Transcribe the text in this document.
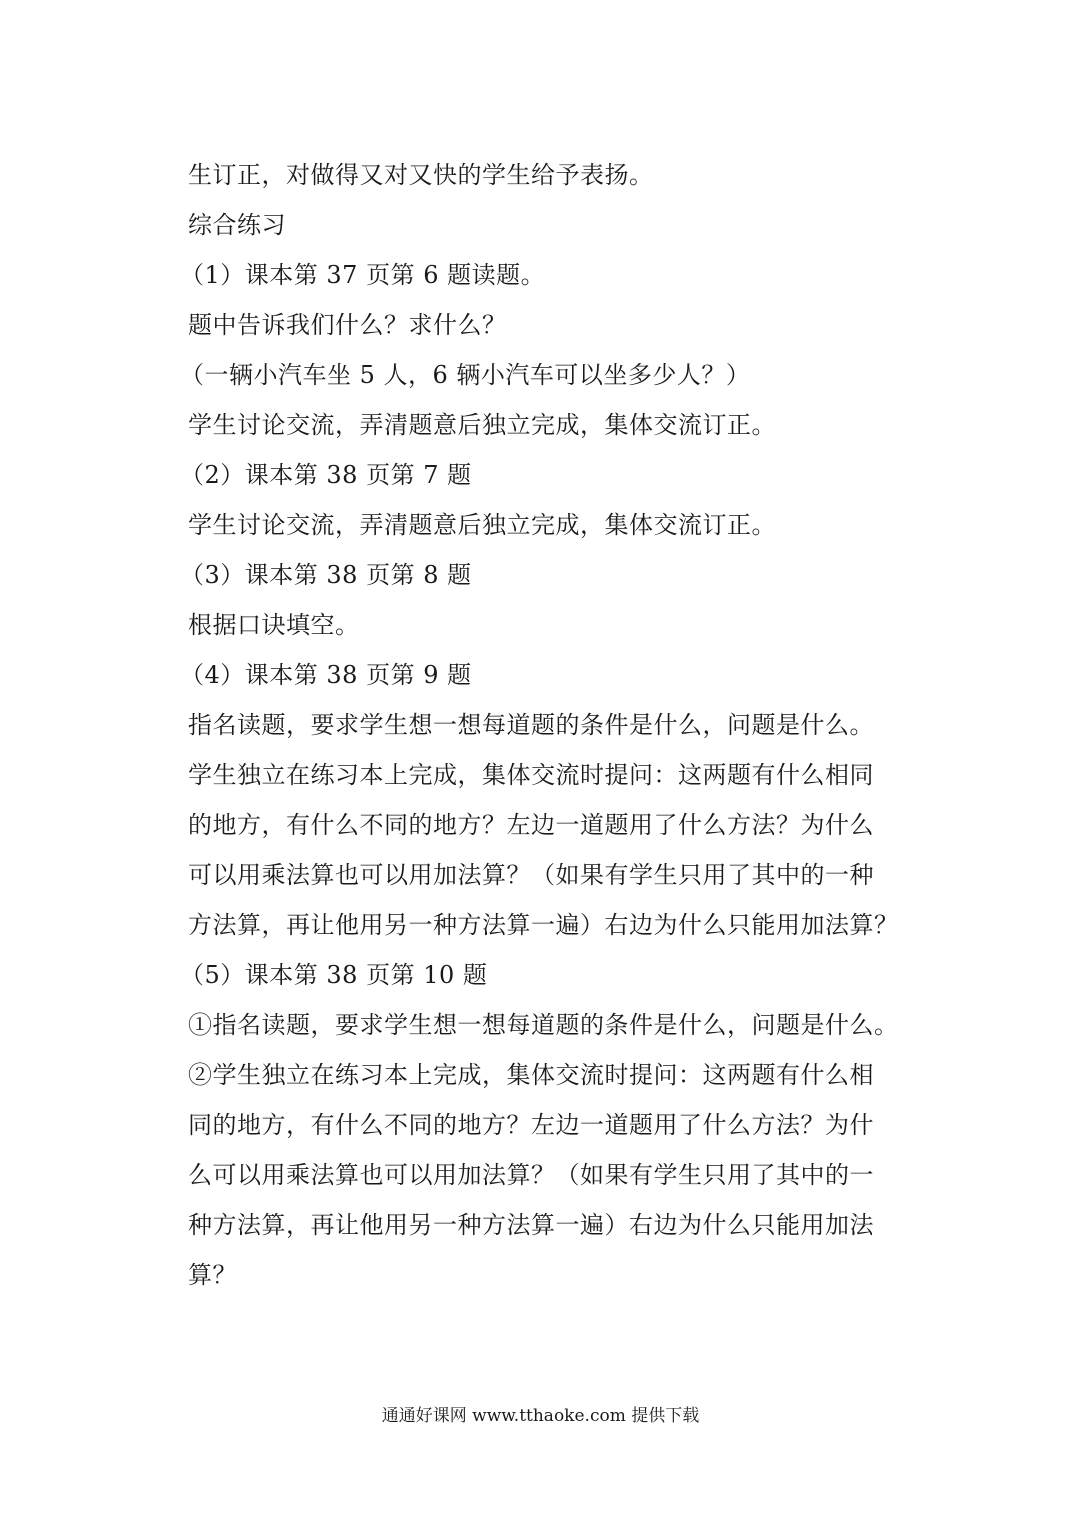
生订正，对做得又对又快的学生给予表扬。
综合练习
（1）课本第 37 页第 6 题读题。
题中告诉我们什么？求什么？
（一辆小汽车坐 5 人，6 辆小汽车可以坐多少人？）
学生讨论交流，弄清题意后独立完成，集体交流订正。
（2）课本第 38 页第 7 题
学生讨论交流，弄清题意后独立完成，集体交流订正。
（3）课本第 38 页第 8 题
根据口诀填空。
（4）课本第 38 页第 9 题
指名读题，要求学生想一想每道题的条件是什么，问题是什么。
学生独立在练习本上完成，集体交流时提问：这两题有什么相同
的地方，有什么不同的地方？左边一道题用了什么方法？为什么
可以用乘法算也可以用加法算？（如果有学生只用了其中的一种
方法算，再让他用另一种方法算一遍）右边为什么只能用加法算？
（5）课本第 38 页第 10 题
①指名读题，要求学生想一想每道题的条件是什么，问题是什么。
②学生独立在练习本上完成，集体交流时提问：这两题有什么相
同的地方，有什么不同的地方？左边一道题用了什么方法？为什
么可以用乘法算也可以用加法算？（如果有学生只用了其中的一
种方法算，再让他用另一种方法算一遍）右边为什么只能用加法
算？
通通好课网 www.tthaoke.com 提供下载
